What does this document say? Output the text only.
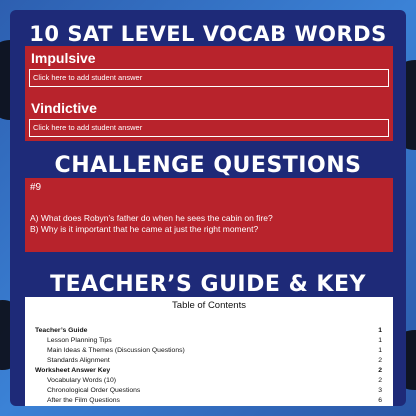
10 SAT LEVEL VOCAB WORDS
Impulsive
Click here to add student answer
Vindictive
Click here to add student answer
CHALLENGE QUESTIONS
#9
A) What does Robyn’s father do when he sees the cabin on fire?
B) Why is it important that he came at just the right moment?
TEACHER’S GUIDE & KEY
Table of Contents
Teacher’s Guide	1
Lesson Planning Tips	1
Main Ideas & Themes (Discussion Questions)	1
Standards Alignment	2
Worksheet Answer Key	2
Vocabulary Words (10)	2
Chronological Order Questions	3
After the Film Questions	6
